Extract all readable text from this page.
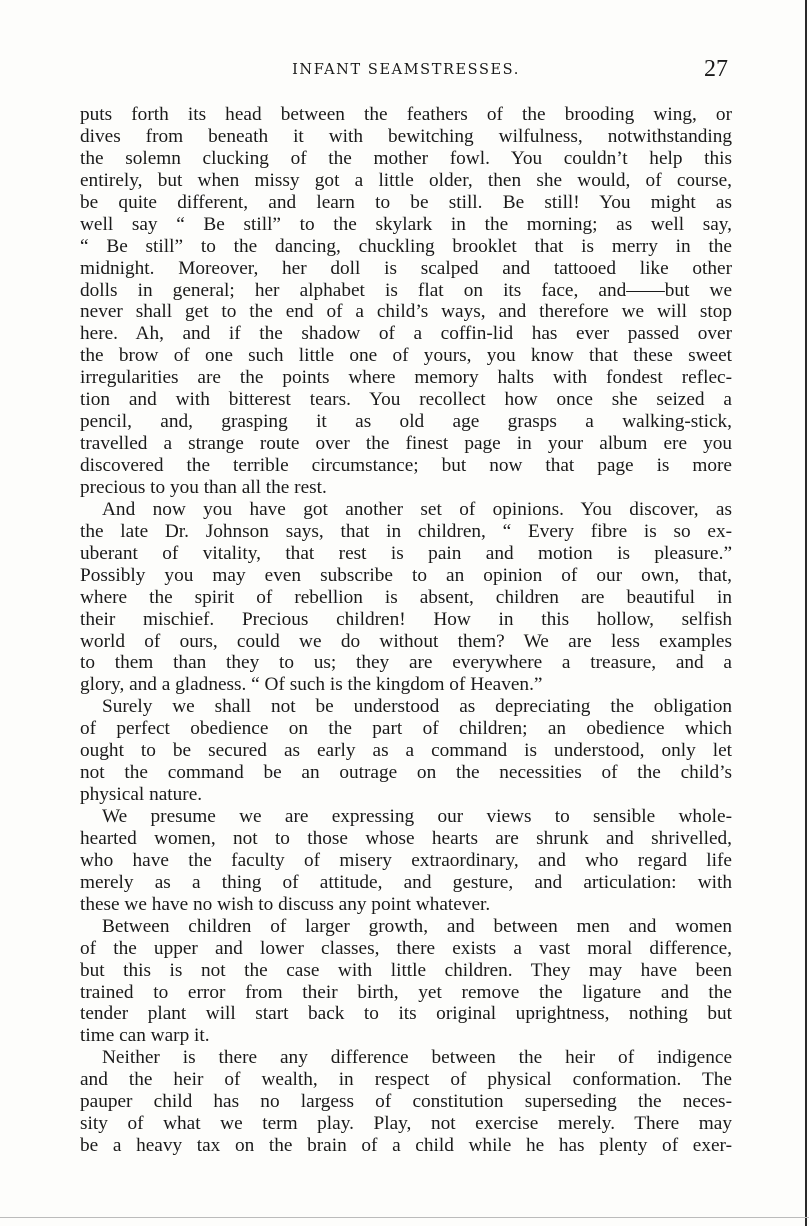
INFANT SEAMSTRESSES.	27
puts forth its head between the feathers of the brooding wing, or
dives from beneath it with bewitching wilfulness, notwithstanding
the solemn clucking of the mother fowl. You couldn’t help this
entirely, but when missy got a little older, then she would, of course,
be quite different, and learn to be still. Be still! You might as
well say “ Be still” to the skylark in the morning; as well say,
“ Be still” to the dancing, chuckling brooklet that is merry in the
midnight. Moreover, her doll is scalped and tattooed like other
dolls in general; her alphabet is flat on its face, and——but we
never shall get to the end of a child’s ways, and therefore we will stop
here. Ah, and if the shadow of a coffin-lid has ever passed over
the brow of one such little one of yours, you know that these sweet
irregularities are the points where memory halts with fondest reflec-
tion and with bitterest tears. You recollect how once she seized a
pencil, and, grasping it as old age grasps a walking-stick,
travelled a strange route over the finest page in your album ere you
discovered the terrible circumstance; but now that page is more
precious to you than all the rest.
And now you have got another set of opinions. You discover, as
the late Dr. Johnson says, that in children, “ Every fibre is so ex-
uberant of vitality, that rest is pain and motion is pleasure.”
Possibly you may even subscribe to an opinion of our own, that,
where the spirit of rebellion is absent, children are beautiful in
their mischief. Precious children! How in this hollow, selfish
world of ours, could we do without them? We are less examples
to them than they to us; they are everywhere a treasure, and a
glory, and a gladness. “ Of such is the kingdom of Heaven.”
Surely we shall not be understood as depreciating the obligation
of perfect obedience on the part of children; an obedience which
ought to be secured as early as a command is understood, only let
not the command be an outrage on the necessities of the child’s
physical nature.
We presume we are expressing our views to sensible whole-
hearted women, not to those whose hearts are shrunk and shrivelled,
who have the faculty of misery extraordinary, and who regard life
merely as a thing of attitude, and gesture, and articulation: with
these we have no wish to discuss any point whatever.
Between children of larger growth, and between men and women
of the upper and lower classes, there exists a vast moral difference,
but this is not the case with little children. They may have been
trained to error from their birth, yet remove the ligature and the
tender plant will start back to its original uprightness, nothing but
time can warp it.
Neither is there any difference between the heir of indigence
and the heir of wealth, in respect of physical conformation. The
pauper child has no largess of constitution superseding the neces-
sity of what we term play. Play, not exercise merely. There may
be a heavy tax on the brain of a child while he has plenty of exer-
